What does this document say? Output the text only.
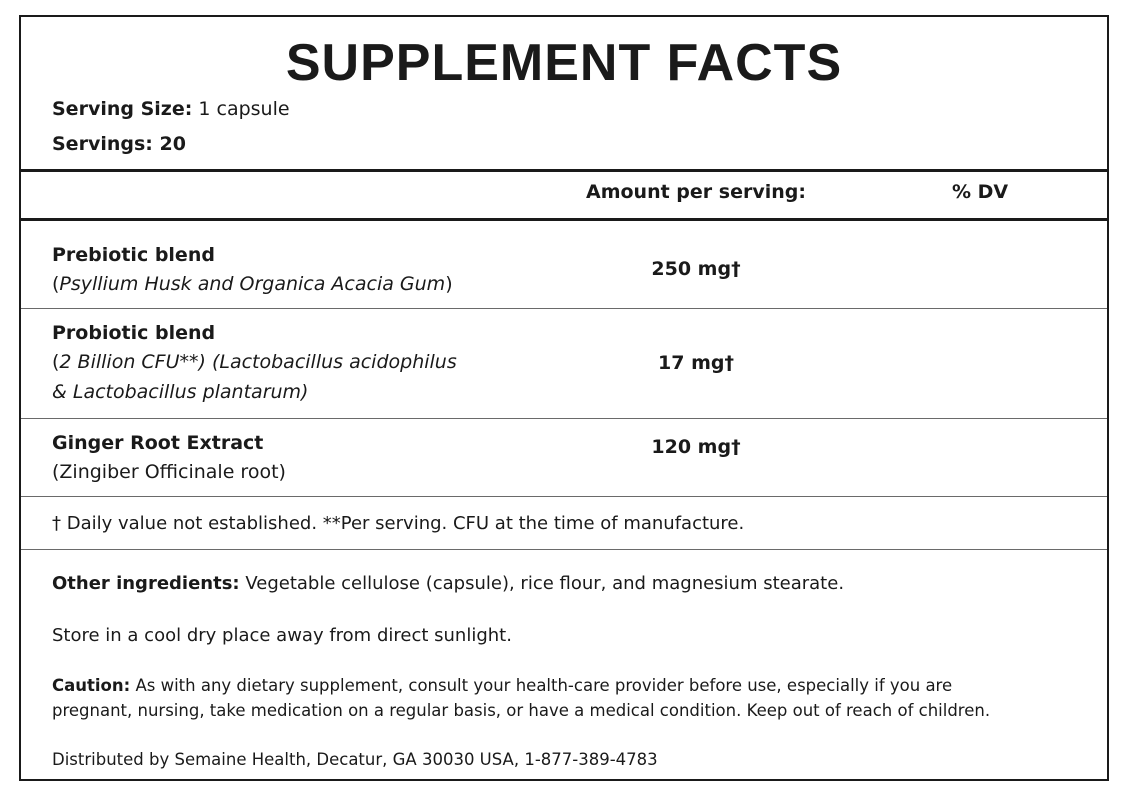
SUPPLEMENT FACTS
Serving Size: 1 capsule
Servings: 20
Amount per serving:	% DV
Prebiotic blend
(Psyllium Husk and Organica Acacia Gum)
250 mg†
Probiotic blend
(2 Billion CFU**) (Lactobacillus acidophilus
& Lactobacillus plantarum)
17 mg†
Ginger Root Extract
(Zingiber Officinale root)
120 mg†
† Daily value not established. **Per serving. CFU at the time of manufacture.
Other ingredients: Vegetable cellulose (capsule), rice flour, and magnesium stearate.
Store in a cool dry place away from direct sunlight.
Caution: As with any dietary supplement, consult your health-care provider before use, especially if you are
pregnant, nursing, take medication on a regular basis, or have a medical condition. Keep out of reach of children.
Distributed by Semaine Health, Decatur, GA 30030 USA, 1-877-389-4783
